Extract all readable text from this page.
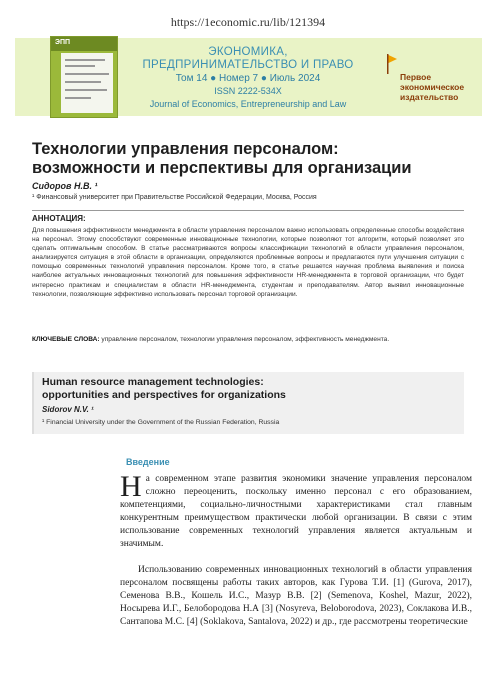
https://1economic.ru/lib/121394
ЭПП
ЭКОНОМИКА,
ПРЕДПРИНИМАТЕЛЬСТВО И ПРАВО
Том 14 ● Номер 7 ● Июль 2024
ISSN 2222-534X
Journal of Economics, Entrepreneurship and Law
Первое
экономическое
издательство
Технологии управления персоналом:
возможности и перспективы для организации
Сидоров Н.В. ¹
¹ Финансовый университет при Правительстве Российской Федерации, Москва, Россия
АННОТАЦИЯ:
Для повышения эффективности менеджмента в области управления персоналом важно использовать определенные способы воздействия на персонал. Этому способствуют современные инновационные технологии, которые позволяют тот алгоритм, который позволяет это сделать оптимальным способом. В статье рассматриваются вопросы классификации технологий в области управления персоналом, анализируется ситуация в этой области в организации, определяются проблемные вопросы и предлагаются пути улучшения ситуации с помощью современных технологий управления персоналом. Кроме того, в статье решается научная проблема выявления и поиска наиболее актуальных инновационных технологий для повышения эффективности HR-менеджмента в торговой организации, что будет интересно практикам и специалистам в области HR-менеджмента, студентам и преподавателям. Автор выявил инновационные технологии, позволяющие эффективно использовать персонал торговой организации.
КЛЮЧЕВЫЕ СЛОВА: управление персоналом, технологии управления персоналом, эффективность менеджмента.
Human resource management technologies:
opportunities and perspectives for organizations
Sidorov N.V. ¹
¹ Financial University under the Government of the Russian Federation, Russia
Введение
На современном этапе развития экономики значение управления персоналом сложно переоценить, поскольку именно персонал с его образованием, компетенциями, социально-личностными характеристиками стал главным конкурентным преимуществом практически любой организации. В связи с этим использование современных технологий управления является актуальным и значимым.
Использованию современных инновационных технологий в области управления персоналом посвящены работы таких авторов, как Гурова Т.И. [1] (Gurova, 2017), Семенова В.В., Кошель И.С., Мазур В.В. [2] (Semenova, Koshel, Mazur, 2022), Носырева И.Г., Белобородова Н.А [3] (Nosyreva, Beloborodova, 2023), Соклакова И.В., Сантапова М.С. [4] (Soklakova, Santalova, 2022) и др., где рассмотрены теоретические
